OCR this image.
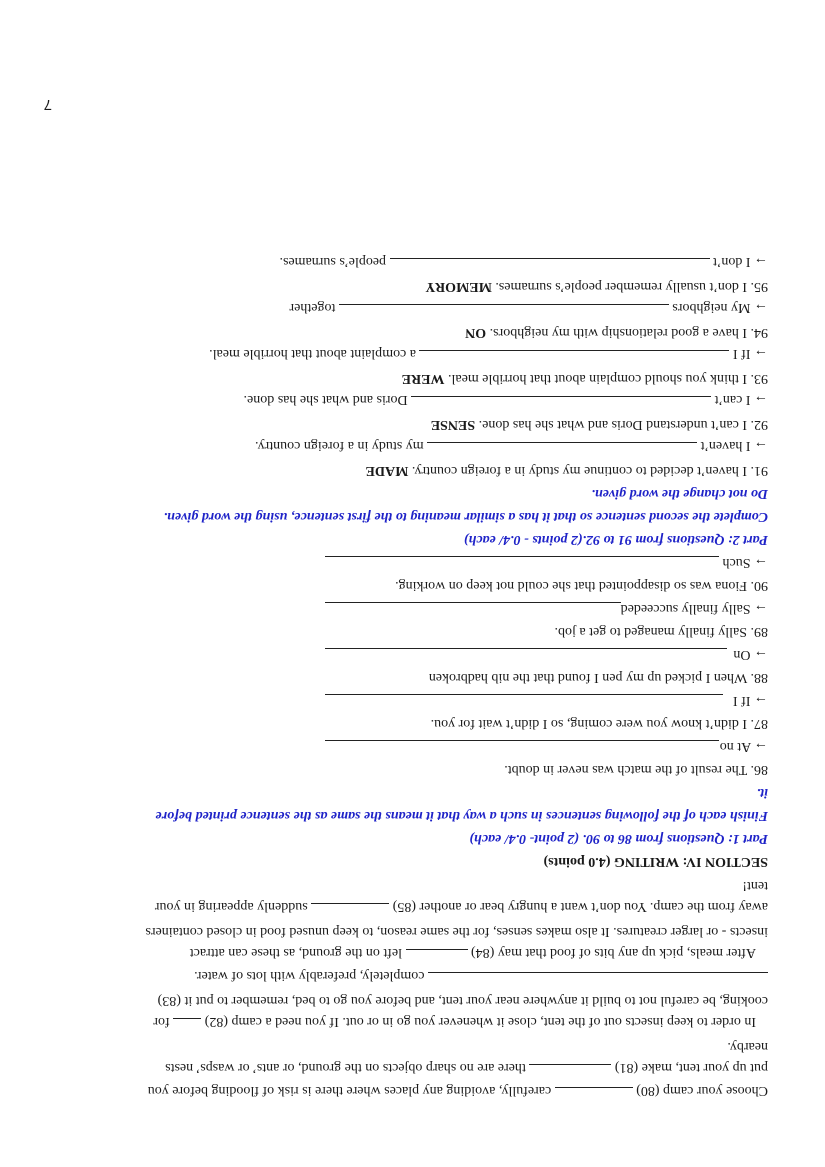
Choose your camp (80)  carefully, avoiding any places where there is risk of flooding before you
put up your tent, make (81)  there are no sharp objects on the ground, or ants’ or wasps’ nests
nearby.
In order to keep insects out of the tent, close it whenever you go in or out. If you need a camp (82)  for
cooking, be careful not to build it anywhere near your tent, and before you go to bed, remember to put it (83)
completely, preferably with lots of water.
After meals, pick up any bits of food that may (84)  left on the ground, as these can attract
insects - or larger creatures. It also makes senses, for the same reason, to keep unused food in closed containers
away from the camp. You don’t want a hungry bear or another (85)  suddenly appearing in your
tent!
SECTION IV: WRITING (4.0 points)
Part 1: Questions from 86 to 90. (2 point- 0.4/ each)
Finish each of the following sentences in such a way that it means the same as the sentence printed before
it.
86. The result of the match was never in doubt.
→ At no
87. I didn’t know you were coming, so I didn’t wait for you.
→ If I
88. When I picked up my pen I found that the nib hadbroken
→ On
89. Sally finally managed to get a job.
→ Sally finally succeeded
90. Fiona was so disappointed that she could not keep on working.
→ Such
Part 2: Questions from 91 to 92.(2 points - 0.4/ each)
Complete the second sentence so that it has a similar meaning to the first sentence, using the word given.
Do not change the word given.
91. I haven’t decided to continue my study in a foreign country. MADE
→ I haven’t  my study in a foreign country.
92. I can’t understand Doris and what she has done. SENSE
→ I can’t  Doris and what she has done.
93. I think you should complain about that horrible meal. WERE
→ If I  a complaint about that horrible meal.
94. I have a good relationship with my neighbors. ON
→ My neighbors  together
95. I don’t usually remember people’s surnames. MEMORY
→ I don’t  people’s surnames.
7
